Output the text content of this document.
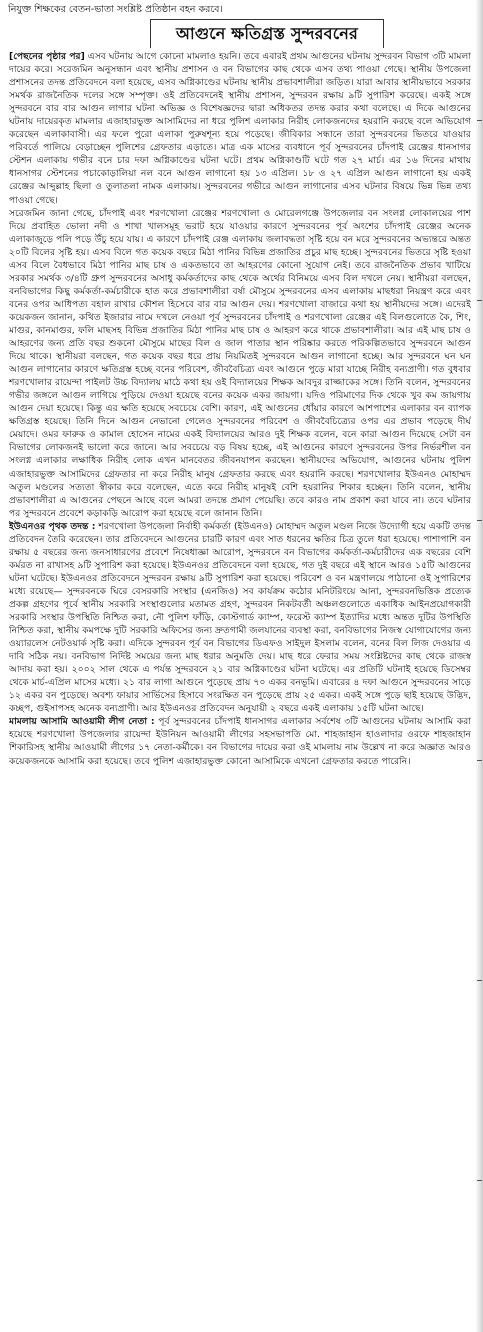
নিযুক্ত শিক্ষকের বেতন-ভাতা সংশ্লিষ্ট প্রতিষ্ঠান বহন করবে।
আগুনে ক্ষতিগ্রস্ত সুন্দরবনের

[পেছনের পৃষ্ঠার পর] এসব ঘটনায় আগে কোনো মামলাও হয়নি। তবে এবারই প্রথম আগুনের ঘটনায় সুন্দরবন বিভাগ ৩টি মামলা দায়ের করে। সরেজমিন অনুসন্ধান এবং স্থানীয় প্রশাসন ও বন বিভাগের কাছ থেকে এসব তথ্য পাওয়া গেছে। স্থানীয় উপজেলা প্রশাসনের তদন্ত প্রতিবেদনে বলা হয়েছে, এসব অগ্নিকাণ্ডের ঘটনায় স্থানীয় প্রভাবশালীরা জড়িত। যারা আবার স্থানীয়ভাবে সরকার সমর্থক রাজনৈতিক দলের সঙ্গে সম্পৃক্ত। ওই প্রতিবেদনেই স্থানীয় প্রশাসন, সুন্দরবন রক্ষায় ৯টি সুপারিশ করেছে। একই সঙ্গে সুন্দরবনে বার বার আগুন লাগার ঘটনা অভিজ্ঞ ও বিশেষজ্ঞদের দ্বারা অধিকতর তদন্ত করার কথা বলেছে। এ দিকে আগুনের ঘটনায় দায়েরকৃত মামলার এজাহারভুক্ত আসামিদের না ধরে পুলিশ এলাকার নিরীহ লোকজনদের হয়রানি করছে বলে অভিযোগ করেছেন এলাকাবাসী। এর ফলে পুরো এলাকা পুরুষশূন্য হয়ে পড়েছে। জীবিকার সন্ধানে তারা সুন্দরবনের ভিতরে যাওয়ার পরিবর্তে পালিয়ে বেড়াচ্ছেন পুলিশের গ্রেফতার এড়াতে। মাত্র এক মাসের ব্যবধানে পূর্ব সুন্দরবনের চাঁদপাই রেঞ্জের ধানসাগর স্টেশন এলাকায় গভীর বনে চার দফা অগ্নিকাণ্ডের ঘটনা ঘটে। প্রথম অগ্নিকাণ্ডটি ঘটে গত ২৭ মার্চ। এর ১৬ দিনের মাথায় ধানসাগর স্টেশনের পচাকোড়ালিয়া নল বনে আগুন লাগানো হয় ১৩ এপ্রিল। ১৮ ও ২৭ এপ্রিল আগুন লাগানো হয় একই রেঞ্জের আব্দুল্লাহ ছিলা ও তুলাতলা নামক এলাকায়। সুন্দরবনের গভীরে আগুন লাগানোর এসব ঘটনার বিষয়ে ভিন্ন ভিন্ন তথ্য পাওয়া গেছে।

সরেজমিন জানা গেছে, চাঁদপাই এবং শরণখোলা রেঞ্জের শরণখোলা ও মোরেলগঞ্জে উপজেলার বন সংলগ্ন লোকালয়ের পাশ দিয়ে প্রবাহিত ভোলা নদী ও শাখা খালসমূহ ভরাট হয়ে যাওয়ার কারণে সুন্দরবনের পূর্ব অংশের চাঁদপাই রেঞ্জের অনেক এলাকাজুড়ে পলি পড়ে উঁচু হয়ে যায়। এ কারণে চাঁদপাই রেঞ্জ এলাকায় জলাবদ্ধতা সৃষ্টি হয়ে বন মরে সুন্দরবনের অভ্যন্তরে অন্তত ২০টি বিলের সৃষ্টি হয়। এসব বিলে গত কয়েক বছরে মিঠা পানির বিভিন্ন প্রজাতির প্রচুর মাছ হচ্ছে। সুন্দরবনের ভিতরে সৃষ্টি হওয়া এসব বিলে বৈধভাবে মিঠা পানির মাছ চাষ ও একতভাবে তা আহরণের কোনো সুযোগ নেই। তবে রাজনৈতিক প্রভাব খাটিয়ে সরকার সমর্থক ৩/৪টি গ্রুপ সুন্দরবনের অসাধু কর্মকর্তাদের কাছ থেকে অর্থের বিনিময়ে এসব বিল দখলে নেয়। স্থানীয়রা বলছেন, বনবিভাগের কিছু কর্মকর্তা-কর্মচারীকে হাত করে প্রভাবশালীরা বর্ষা মৌসুমে সুন্দরবনের এসব এলাকায় মাছধরা নিয়ন্ত্রণ করে এবং বনের ওপর আধিপত্য বহাল রাখার কৌশল হিসেবে বার বার আগুন দেয়। শরণখোলা বাজারে কথা হয় স্থানীয়দের সঙ্গে। এদেরই কয়েকজন জানান, কথিত ইজারার নামে দখলে নেওয়া পূর্ব সুন্দরবনের চাঁদপাই ও শরণখোলা রেঞ্জের এই বিলগুলোতে কৈ, শিং, মাগুর, কানমাগুর, ফলি মাছসহ বিভিন্ন প্রজাতির মিঠা পানির মাছ চাষ ও আহরণ করে থাকে প্রভাবশালীরা। আর এই মাছ চাষ ও আহরণের জন্য প্রতি বছর শুকনো মৌসুমে মাছের বিল ও জাল পাতার স্থান পরিষ্কার করতে পরিকল্পিতভাবে সুন্দরবনে আগুন দিয়ে থাকে। স্থানীয়রা বলছেন, গত কয়েক বছর ধরে প্রায় নিয়মিতই সুন্দরবনে আগুন লাগানো হচ্ছে। আর সুন্দরবনে ঘন ঘন আগুন লাগানোর কারণে ক্ষতিগ্রস্ত হচ্ছে বনের পরিবেশ, জীববৈচিত্র্য এবং আগুনে পুড়ে মারা যাচ্ছে নিরীহ বন্যপ্রাণী। গত বুধবার শরণখোলার রায়েন্দা পাইলট উচ্চ বিদ্যালয় মাঠে কথা হয় ওই বিদ্যালয়ের শিক্ষক আবদুর রাজ্জাকের সঙ্গে। তিনি বলেন, সুন্দরবনের গভীর জঙ্গলে আগুন লাগিয়ে পুড়িয়ে দেওয়া হয়েছে বনের কয়েক একর জায়গা। যদিও পরিমাণের দিক থেকে খুব কম জায়গায় আগুন দেয়া হয়েছে। কিন্তু এর ক্ষতি হয়েছে সবচেয়ে বেশি। কারণ, এই আগুনের ধোঁয়ার কারণে আশপাশের এলাকার বন ব্যাপক ক্ষতিগ্রস্ত হয়েছে। তিনি দিনে আগুন নেভানো গেলেও সুন্দরবনের পরিবেশ ও জীববৈচিত্র্যের ওপর এর প্রভাব পড়েছে দীর্ঘ মেয়াদে। ওমর ফারুক ও কামাল হোসেন নামের একই বিদ্যালয়ের আরও দুই শিক্ষক বলেন, বনে কারা আগুন দিয়েছে সেটা বন বিভাগের লোকজনই ভালো করে জানে। আর সবচেয়ে বড় বিষয় হচ্ছে, এই আগুনের কারণে সুন্দরবনের উপর নির্ভরশীল বন সংলগ্ন এলাকার লক্ষাধিক নিরীহ লোক এখন মানবেতর জীবনযাপন করছেন। স্থানীয়দের অভিযোগ, আগুনের ঘটনায় পুলিশ এজাহারভুক্ত আসামিদের গ্রেফতার না করে নিরীহ মানুষ গ্রেফতার করছে এবং হয়রানি করছে। শরণখোলার ইউএনও মোহাম্মদ অতুল মণ্ডলের সত্যতা স্বীকার করে বলেছেন, এতে করে নিরীহ মানুষই বেশি হয়রানির শিকার হচ্ছেন। তিনি বলেন, স্থানীয় প্রভাবশালীরা এ আগুনের পেছনে আছে বলে আমরা তদন্তে প্রমাণ পেয়েছি। তবে কারও নাম প্রকাশ করা যাবে না। তবে ঘটনার পর সুন্দরবনে প্রবেশে কড়াকড়ি আরোপ করা হয়েছে বলে জানান তিনি।

ইউএনওর পৃথক তদন্ত : শরণখোলা উপজেলা নির্বাহী কর্মকর্তা (ইউএনও) মোহাম্মদ অতুল মণ্ডল নিজে উদ্যোগী হয়ে একটি তদন্ত প্রতিবেদন তৈরি করেছেন। তার প্রতিবেদনে আগুনের চারটি কারণ এবং সাত ধরনের ক্ষতির চিত্র তুলে ধরা হয়েছে। পাশাপাশি বন রক্ষায় ৫ বছরের জন্য জনসাধারণের প্রবেশে নিষেধাজ্ঞা আরোপ, সুন্দরবনে বন বিভাগের কর্মকর্তা-কর্মচারীদের এক বছরের বেশি কর্মরত না রাখাসহ ৯টি সুপারিশ করা হয়েছে। ইউএনওর প্রতিবেদনে বলা হয়েছে, গত দুই বছরে এই স্থানে আরও ১৫টি আগুনের ঘটনা ঘটেছে। ইউএনওর প্রতিবেদনে সুন্দরবন রক্ষায় ৯টি সুপারিশ করা হয়েছে। পরিবেশ ও বন মন্ত্রণালয়ে পাঠানো ওই সুপারিশের মধ্যে রয়েছে— সুন্দরবনকে ঘিরে বেসরকারি সংস্থার (এনজিও) সব কার্যক্রম কঠোর মনিটরিংয়ে আনা, সুন্দরবনভিত্তিক প্রত্যেক প্রকল্প গ্রহণের পূর্বে স্থানীয় সরকারি সংস্থাগুলোর মতামত গ্রহণ, সুন্দরবন নিকটবর্তী অঞ্চলগুলোতে একাধিক আইনপ্রয়োগকারী সরকারি সংস্থার উপস্থিতি নিশ্চিত করা, নৌ পুলিশ ফাঁড়ি, কোস্টগার্ড ক্যাম্প, ফরেস্ট ক্যাম্প ইত্যাদির মধ্যে অন্তত দুটির উপস্থিতি নিশ্চিত করা, স্থানীয় কমপক্ষে দুটি সরকারি অফিসের জন্য দ্রুতগামী জলযানের ব্যবস্থা করা, বনবিভাগের নিজস্ব যোগাযোগের জন্য ওয়্যারলেস নেটওয়ার্ক সৃষ্টি করা। এদিকে সুন্দরবন পূর্ব বন বিভাগের ডিএফও সাইদুল ইসলাম বলেন, বনের বিল লিজ দেওয়ার এ দাবি সঠিক নয়। বনবিভাগ নির্দিষ্ট সময়ের জন্য মাছ ধরার অনুমতি দেয়। মাছ ধরে ফেরার সময় সংশ্লিষ্টদের কাছ থেকে রাজস্ব আদায় করা হয়। ২০০২ সাল থেকে এ পর্যন্ত সুন্দরবনে ২১ বার অগ্নিকাণ্ডের ঘটনা ঘটেছে। এর প্রতিটি ঘটনাই হয়েছে ডিসেম্বর থেকে মার্চ-এপ্রিল মাসের মধ্যে। ২১ বার লাগা আগুনে পুড়েছে প্রায় ৭০ একর বনভূমি। এবারের ৪ দফা আগুনে সুন্দরবনের সাড়ে ১২ একর বন পুড়েছে। অবশ্য ফায়ার সার্ভিসের হিসাবে সংরক্ষিত বন পুড়েছে প্রায় ২৫ একর। একই সঙ্গে পুড়ে ছাই হয়েছে উদ্ভিদ, কচ্ছপ, গুইসাপসহ অনেক বন্যপ্রাণী। আর ইউএনওর প্রতিবেদন অনুযায়ী ২ বছরে একই এলাকায় ১৫টি ঘটনা আছে।

মামলায় আসামি আওয়ামী লীগ নেতা : পূর্ব সুন্দরবনের চাঁদপাই ধানসাগর এলাকার সর্বশেষ ৩টি আগুনের ঘটনায় আসামি করা হয়েছে শরণখোলা উপজেলার রায়েন্দা ইউনিয়ন আওয়ামী লীগের সহসভাপতি মো. শাহজাহান হাওলাদার ওরফে শাহজাহান শিকারিসহ স্থানীয় আওয়ামী লীগের ১৭ নেতা-কর্মীকে। বন বিভাগের দায়ের করা ওই মামলায় নাম উল্লেখ না করে অজ্ঞাত আরও কয়েকজনকে আসামি করা হয়েছে। তবে পুলিশ এজাহারভুক্ত কোনো আসামিকে এখনো গ্রেফতার করতে পারেনি।
